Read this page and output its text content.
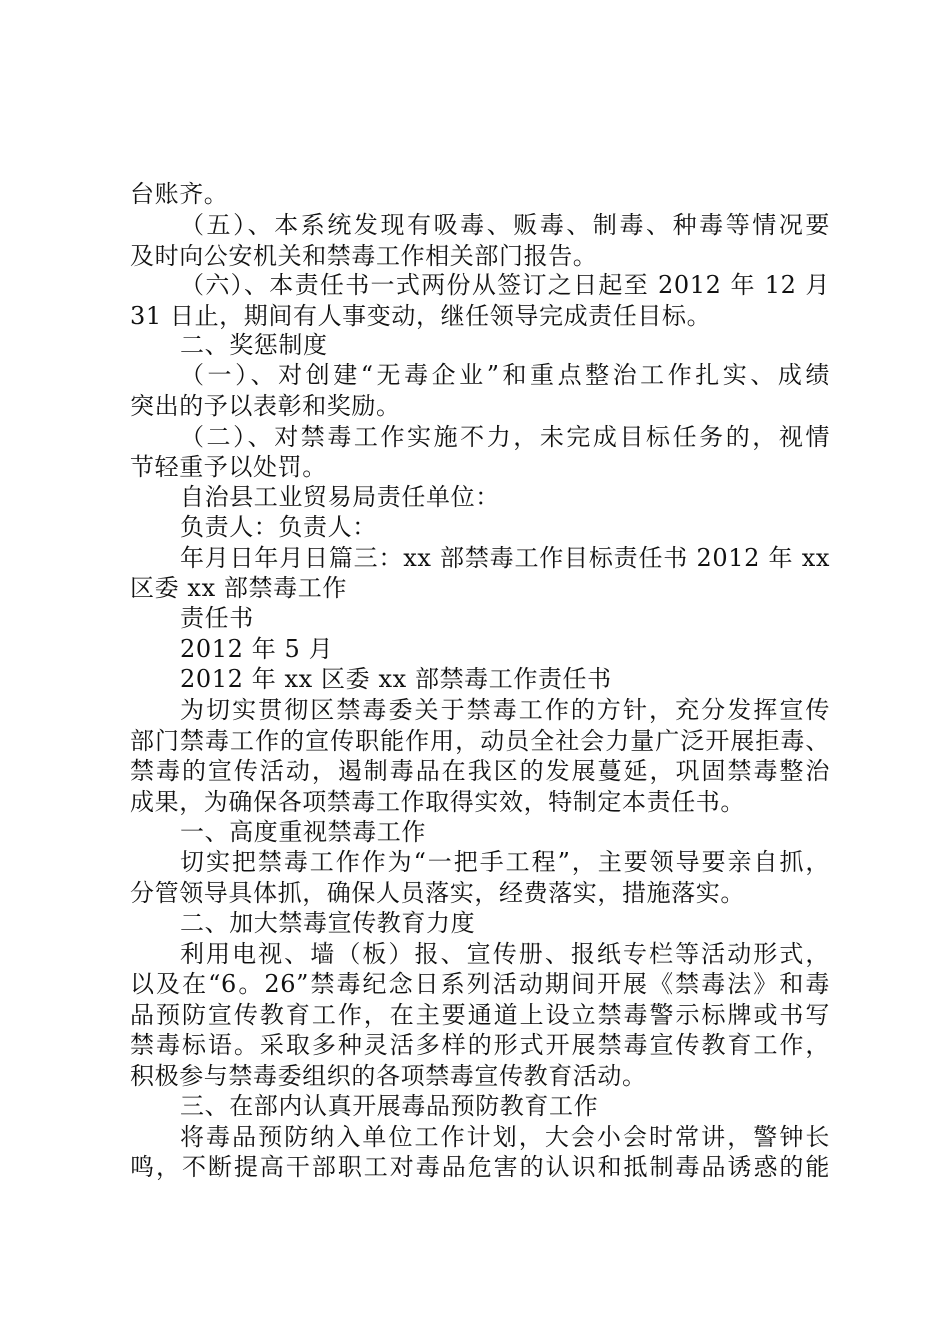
台账齐。
（五）、本系统发现有吸毒、贩毒、制毒、种毒等情况要
及时向公安机关和禁毒工作相关部门报告。
（六）、本责任书一式两份从签订之日起至 2012 年 12 月
31 日止，期间有人事变动，继任领导完成责任目标。
二、奖惩制度
（一）、对创建“无毒企业”和重点整治工作扎实、成绩
突出的予以表彰和奖励。
（二）、对禁毒工作实施不力，未完成目标任务的，视情
节轻重予以处罚。
自治县工业贸易局责任单位：
负责人：负责人：
年月日年月日篇三：xx 部禁毒工作目标责任书 2012 年 xx
区委 xx 部禁毒工作
责任书
2012 年 5 月
2012 年 xx 区委 xx 部禁毒工作责任书
为切实贯彻区禁毒委关于禁毒工作的方针，充分发挥宣传
部门禁毒工作的宣传职能作用，动员全社会力量广泛开展拒毒、
禁毒的宣传活动，遏制毒品在我区的发展蔓延，巩固禁毒整治
成果，为确保各项禁毒工作取得实效，特制定本责任书。
一、高度重视禁毒工作
切实把禁毒工作作为“一把手工程”，主要领导要亲自抓，
分管领导具体抓，确保人员落实，经费落实，措施落实。
二、加大禁毒宣传教育力度
利用电视、墙（板）报、宣传册、报纸专栏等活动形式，
以及在“6。26”禁毒纪念日系列活动期间开展《禁毒法》和毒
品预防宣传教育工作，在主要通道上设立禁毒警示标牌或书写
禁毒标语。采取多种灵活多样的形式开展禁毒宣传教育工作，
积极参与禁毒委组织的各项禁毒宣传教育活动。
三、在部内认真开展毒品预防教育工作
将毒品预防纳入单位工作计划，大会小会时常讲，警钟长
鸣，不断提高干部职工对毒品危害的认识和抵制毒品诱惑的能
